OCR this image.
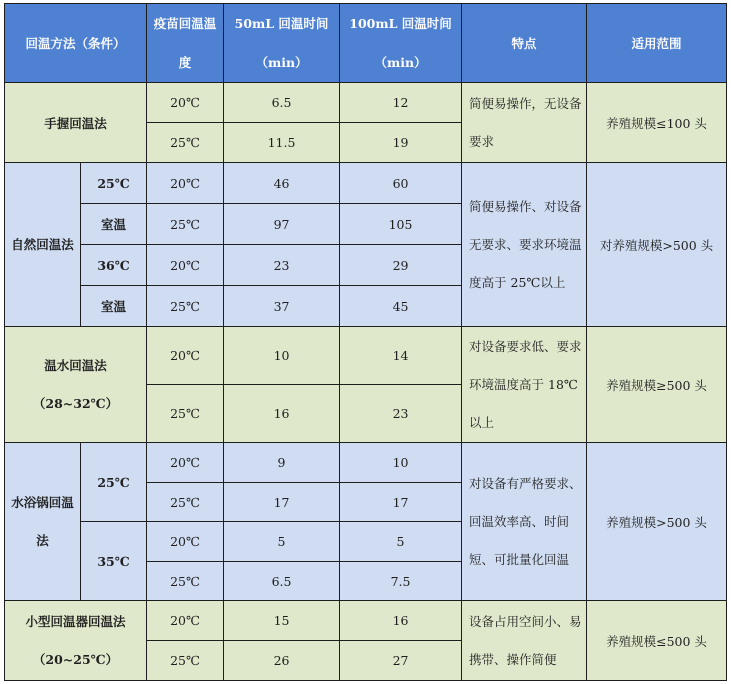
回温方法（条件）		疫苗回温温度	50mL 回温时间（min）	100mL 回温时间（min）	特点	适用范围
手握回温法		20℃	6.5	12	简便易操作，无设备要求	养殖规模≤100 头
		25℃	11.5	19		
自然回温法	25℃	20℃	46	60	简便易操作、对设备无要求、要求环境温度高于 25℃以上	对养殖规模>500 头
	室温	25℃	97	105		
	36℃	20℃	23	29		
	室温	25℃	37	45		

温水回温法
（28~32℃）		20℃	10	14	对设备要求低、要求环境温度高于 18℃以上	养殖规模≥500 头
		25℃	16	23		
水浴锅回温法	25℃	20℃	9	10	对设备有严格要求、回温效率高、时间短、可批量化回温	养殖规模>500 头
		25℃	17	17		
	35℃	20℃	5	5		
		25℃	6.5	7.5		

小型回温器回温法
（20~25℃）		20℃	15	16	设备占用空间小、易携带、操作简便	养殖规模≤500 头
		25℃	26	27		
